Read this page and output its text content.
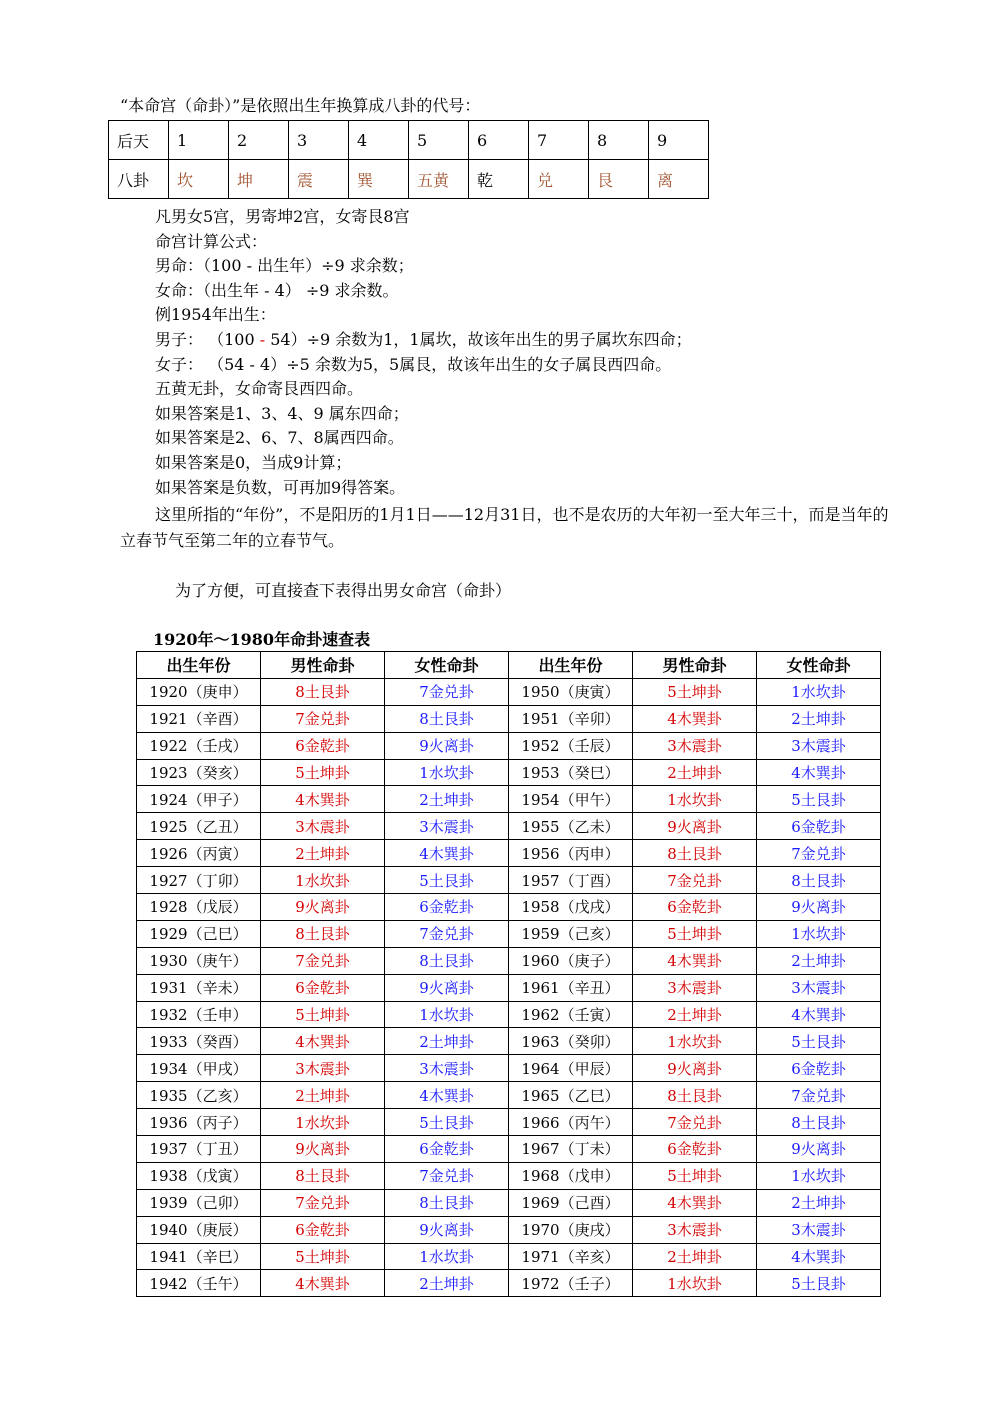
“本命宫（命卦）”是依照出生年换算成八卦的代号：
后天	1	2	3	4	5	6	7	8	9
八卦	坎	坤	震	巽	五黄	乾	兑	艮	离

凡男女5宫，男寄坤2宫，女寄艮8宫

命宫计算公式：

男命：（100 - 出生年）÷9 求余数；

女命：（出生年 - 4） ÷9 求余数。

例1954年出生：

男子： （100 - 54）÷9 余数为1，1属坎，故该年出生的男子属坎东四命；

女子： （54 - 4）÷5 余数为5，5属艮，故该年出生的女子属艮西四命。

五黄无卦，女命寄艮西四命。

如果答案是1、3、4、9 属东四命；

如果答案是2、6、7、8属西四命。

如果答案是0，当成9计算；

如果答案是负数，可再加9得答案。

这里所指的“年份”，不是阳历的1月1日——12月31日，也不是农历的大年初一至大年三十，而是当年的立春节气至第二年的立春节气。
为了方便，可直接查下表得出男女命宫（命卦）
1920年～1980年命卦速查表
出生年份	男性命卦	女性命卦	出生年份	男性命卦	女性命卦
1920（庚申）	8土艮卦	7金兑卦	1950（庚寅）	5土坤卦	1水坎卦
1921（辛酉）	7金兑卦	8土艮卦	1951（辛卯）	4木巽卦	2土坤卦
1922（壬戌）	6金乾卦	9火离卦	1952（壬辰）	3木震卦	3木震卦
1923（癸亥）	5土坤卦	1水坎卦	1953（癸巳）	2土坤卦	4木巽卦
1924（甲子）	4木巽卦	2土坤卦	1954（甲午）	1水坎卦	5土艮卦
1925（乙丑）	3木震卦	3木震卦	1955（乙未）	9火离卦	6金乾卦
1926（丙寅）	2土坤卦	4木巽卦	1956（丙申）	8土艮卦	7金兑卦
1927（丁卯）	1水坎卦	5土艮卦	1957（丁酉）	7金兑卦	8土艮卦
1928（戊辰）	9火离卦	6金乾卦	1958（戊戌）	6金乾卦	9火离卦
1929（己巳）	8土艮卦	7金兑卦	1959（己亥）	5土坤卦	1水坎卦
1930（庚午）	7金兑卦	8土艮卦	1960（庚子）	4木巽卦	2土坤卦
1931（辛未）	6金乾卦	9火离卦	1961（辛丑）	3木震卦	3木震卦
1932（壬申）	5土坤卦	1水坎卦	1962（壬寅）	2土坤卦	4木巽卦
1933（癸酉）	4木巽卦	2土坤卦	1963（癸卯）	1水坎卦	5土艮卦
1934（甲戌）	3木震卦	3木震卦	1964（甲辰）	9火离卦	6金乾卦
1935（乙亥）	2土坤卦	4木巽卦	1965（乙巳）	8土艮卦	7金兑卦
1936（丙子）	1水坎卦	5土艮卦	1966（丙午）	7金兑卦	8土艮卦
1937（丁丑）	9火离卦	6金乾卦	1967（丁未）	6金乾卦	9火离卦
1938（戊寅）	8土艮卦	7金兑卦	1968（戊申）	5土坤卦	1水坎卦
1939（己卯）	7金兑卦	8土艮卦	1969（己酉）	4木巽卦	2土坤卦
1940（庚辰）	6金乾卦	9火离卦	1970（庚戌）	3木震卦	3木震卦
1941（辛巳）	5土坤卦	1水坎卦	1971（辛亥）	2土坤卦	4木巽卦
1942（壬午）	4木巽卦	2土坤卦	1972（壬子）	1水坎卦	5土艮卦
